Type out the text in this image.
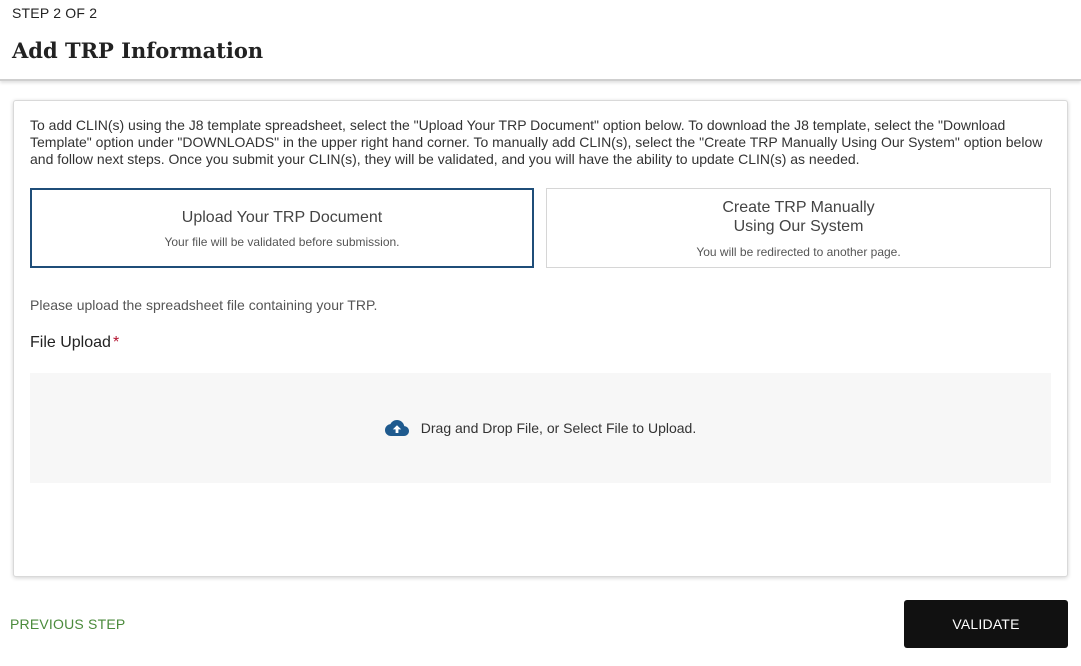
STEP 2 OF 2
Add TRP Information

To add CLIN(s) using the J8 template spreadsheet, select the "Upload Your TRP Document" option below. To download the J8 template, select the "Download Template" option under "DOWNLOADS" in the upper right hand corner. To manually add CLIN(s), select the "Create TRP Manually Using Our System" option below and follow next steps. Once you submit your CLIN(s), they will be validated, and you will have the ability to update CLIN(s) as needed.

Upload Your TRP Document
Your file will be validated before submission.
Create TRP Manually
Using Our System
You will be redirected to another page.
Please upload the spreadsheet file containing your TRP.
File Upload *
Drag and Drop File, or Select File to Upload.
PREVIOUS STEP	VALIDATE
